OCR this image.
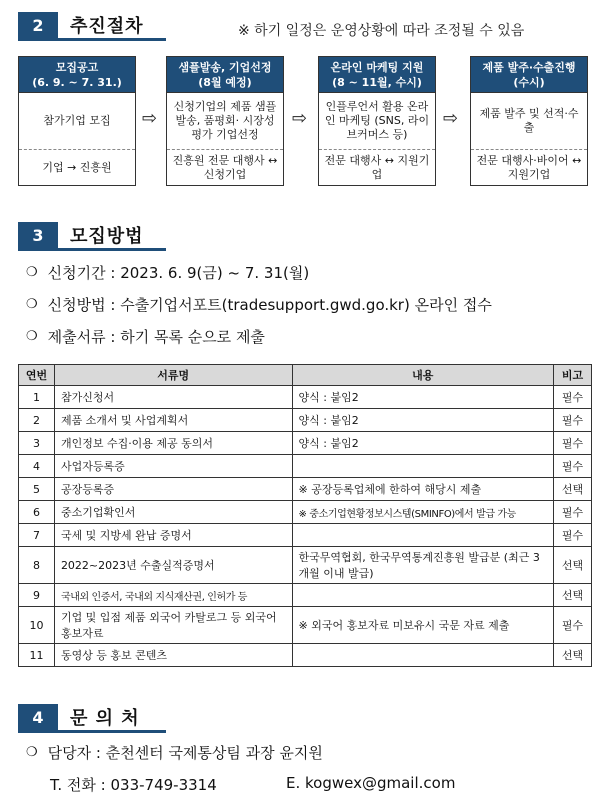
2	추진절차	※ 하기 일정은 운영상황에 따라 조정될 수 있음
모집공고
(6. 9. ~ 7. 31.)
참가기업 모집
기업 → 진흥원
⇨
샘플발송, 기업선정
(8월 예정)
신청기업의 제품 샘플 발송, 품평회· 시장성 평가 기업선정
진흥원 전문 대행사 ↔ 신청기업
⇨
온라인 마케팅 지원
(8 ~ 11월, 수시)
인플루언서 활용 온라인 마케팅 (SNS, 라이브커머스 등)
전문 대행사 ↔ 지원기업
⇨
제품 발주·수출진행
(수시)
제품 발주 및 선적·수출
전문 대행사·바이어 ↔ 지원기업
3	모집방법
❍ 신청기간 : 2023. 6. 9(금) ~ 7. 31(월)
❍ 신청방법 : 수출기업서포트(tradesupport.gwd.go.kr) 온라인 접수
❍ 제출서류 : 하기 목록 순으로 제출
연번	서류명	내용	비고
1	참가신청서	양식 : 붙임2	필수
2	제품 소개서 및 사업계획서	양식 : 붙임2	필수
3	개인정보 수집·이용 제공 동의서	양식 : 붙임2	필수
4	사업자등록증		필수
5	공장등록증	※ 공장등록업체에 한하여 해당시 제출	선택
6	중소기업확인서	※ 중소기업현황정보시스템(SMINFO)에서 발급 가능	필수
7	국세 및 지방세 완납 증명서		필수
8	2022~2023년 수출실적증명서	한국무역협회, 한국무역통계진흥원 발급분 (최근 3개월 이내 발급)	선택
9	국내외 인증서, 국내외 지식재산권, 인허가 등		선택
10	기업 및 입점 제품 외국어 카탈로그 등 외국어 홍보자료	※ 외국어 홍보자료 미보유시 국문 자료 제출	필수
11	동영상 등 홍보 콘텐츠		선택
4	문 의 처
❍ 담당자 : 춘천센터 국제통상팀 과장 윤지원
T. 전화 : 033-749-3314	E. kogwex@gmail.com
